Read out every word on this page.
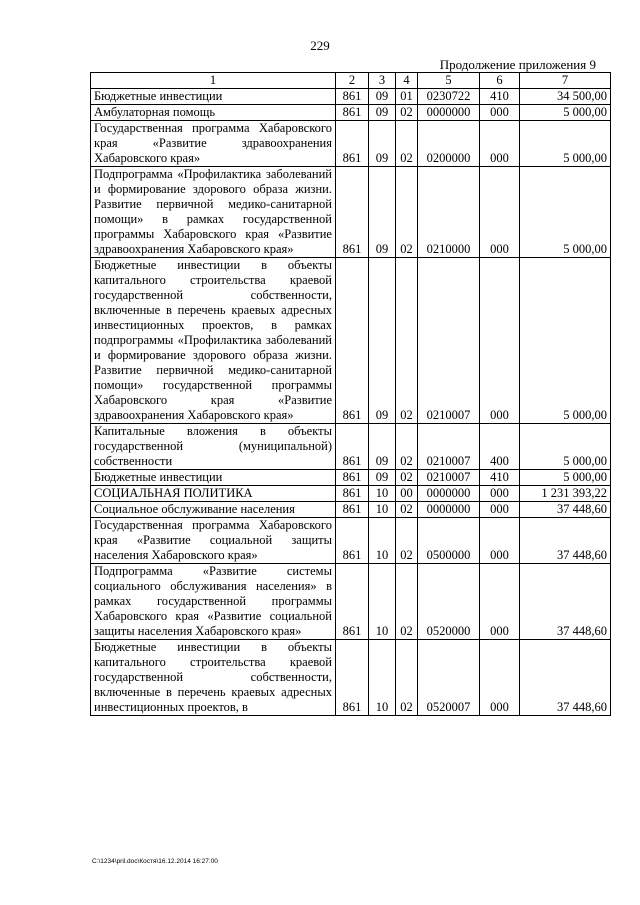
229
Продолжение приложения 9
1	2	3	4	5	6	7
Бюджетные инвестиции	861	09	01	0230722	410	34 500,00
Амбулаторная помощь	861	09	02	0000000	000	5 000,00
Государственная программа Хабаровского края «Развитие здравоохранения Хабаровского края»	861	09	02	0200000	000	5 000,00
Подпрограмма «Профилактика заболеваний и формирование здорового образа жизни. Развитие первичной медико-санитарной помощи» в рамках государственной программы Хабаровского края «Развитие здравоохранения Хабаровского края»	861	09	02	0210000	000	5 000,00
Бюджетные инвестиции в объекты капитального строительства краевой государственной собственности, включенные в перечень краевых адресных инвестиционных проектов, в рамках подпрограммы «Профилактика заболеваний и формирование здорового образа жизни. Развитие первичной медико-санитарной помощи» государственной программы Хабаровского края «Развитие здравоохранения Хабаровского края»	861	09	02	0210007	000	5 000,00
Капитальные вложения в объекты государственной (муниципальной) собственности	861	09	02	0210007	400	5 000,00
Бюджетные инвестиции	861	09	02	0210007	410	5 000,00
СОЦИАЛЬНАЯ ПОЛИТИКА	861	10	00	0000000	000	1 231 393,22
Социальное обслуживание населения	861	10	02	0000000	000	37 448,60
Государственная программа Хабаровского края «Развитие социальной защиты населения Хабаровского края»	861	10	02	0500000	000	37 448,60
Подпрограмма «Развитие системы социального обслуживания населения» в рамках государственной программы Хабаровского края «Развитие социальной защиты населения Хабаровского края»	861	10	02	0520000	000	37 448,60
Бюджетные инвестиции в объекты капитального строительства краевой государственной собственности, включенные в перечень краевых адресных инвестиционных проектов, в	861	10	02	0520007	000	37 448,60
C:\1234\pril.doc\Костя\16.12.2014 16:27:00
